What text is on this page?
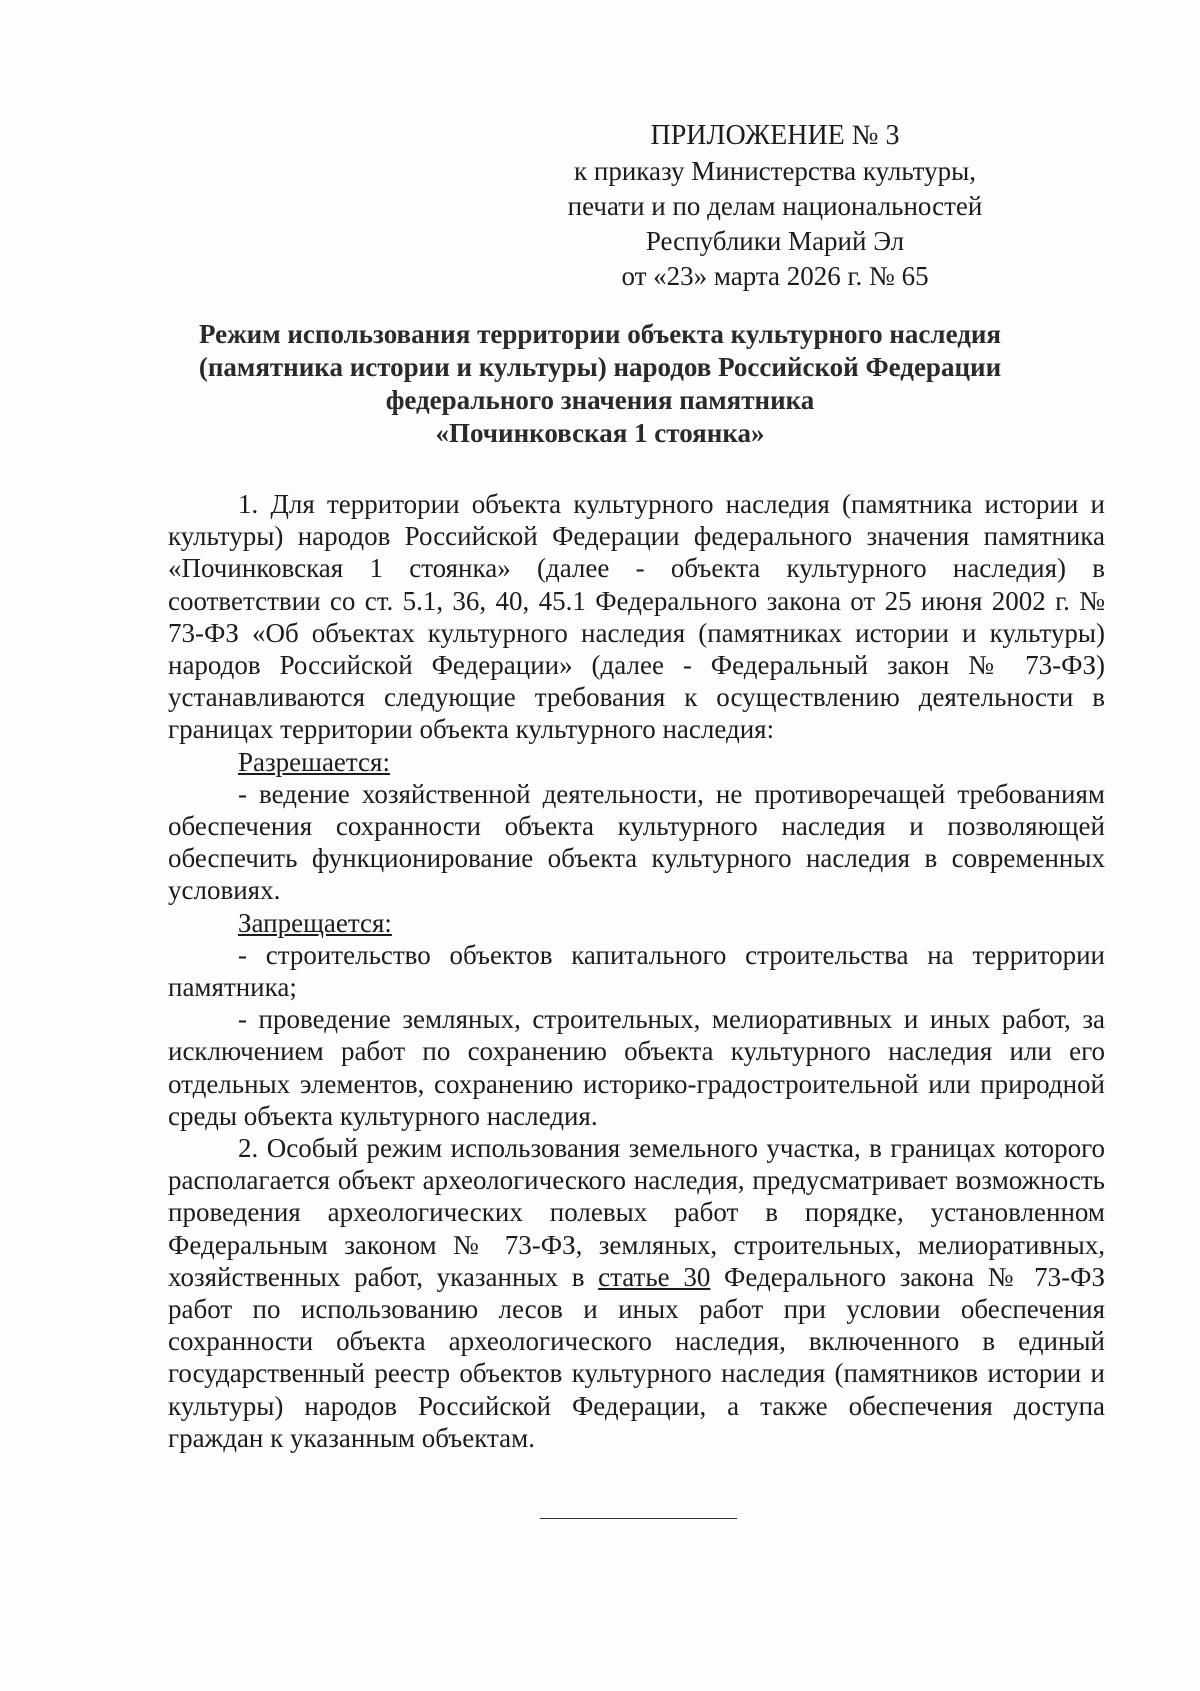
ПРИЛОЖЕНИЕ № 3
к приказу Министерства культуры,
печати и по делам национальностей
Республики Марий Эл
от «23» марта 2026 г. № 65
Режим использования территории объекта культурного наследия
(памятника истории и культуры) народов Российской Федерации
федерального значения памятника
«Починковская 1 стоянка»

1. Для территории объекта культурного наследия (памятника истории и культуры) народов Российской Федерации федерального значения памятника «Починковская 1 стоянка» (далее - объекта культурного наследия) в соответствии со ст. 5.1, 36, 40, 45.1 Федерального закона от 25 июня 2002 г. № 73-ФЗ «Об объектах культурного наследия (памятниках истории и культуры) народов Российской Федерации» (далее - Федеральный закон № 73-ФЗ) устанавливаются следующие требования к осуществлению деятельности в границах территории объекта культурного наследия:

Разрешается:

- ведение хозяйственной деятельности, не противоречащей требованиям обеспечения сохранности объекта культурного наследия и позволяющей обеспечить функционирование объекта культурного наследия в современных условиях.

Запрещается:

- строительство объектов капитального строительства на территории памятника;

- проведение земляных, строительных, мелиоративных и иных работ, за исключением работ по сохранению объекта культурного наследия или его отдельных элементов, сохранению историко-градостроительной или природной среды объекта культурного наследия.

2. Особый режим использования земельного участка, в границах которого располагается объект археологического наследия, предусматривает возможность проведения археологических полевых работ в порядке, установленном Федеральным законом № 73-ФЗ, земляных, строительных, мелиоративных, хозяйственных работ, указанных в статье 30 Федерального закона № 73-ФЗ работ по использованию лесов и иных работ при условии обеспечения сохранности объекта археологического наследия, включенного в единый государственный реестр объектов культурного наследия (памятников истории и культуры) народов Российской Федерации, а также обеспечения доступа граждан к указанным объектам.
